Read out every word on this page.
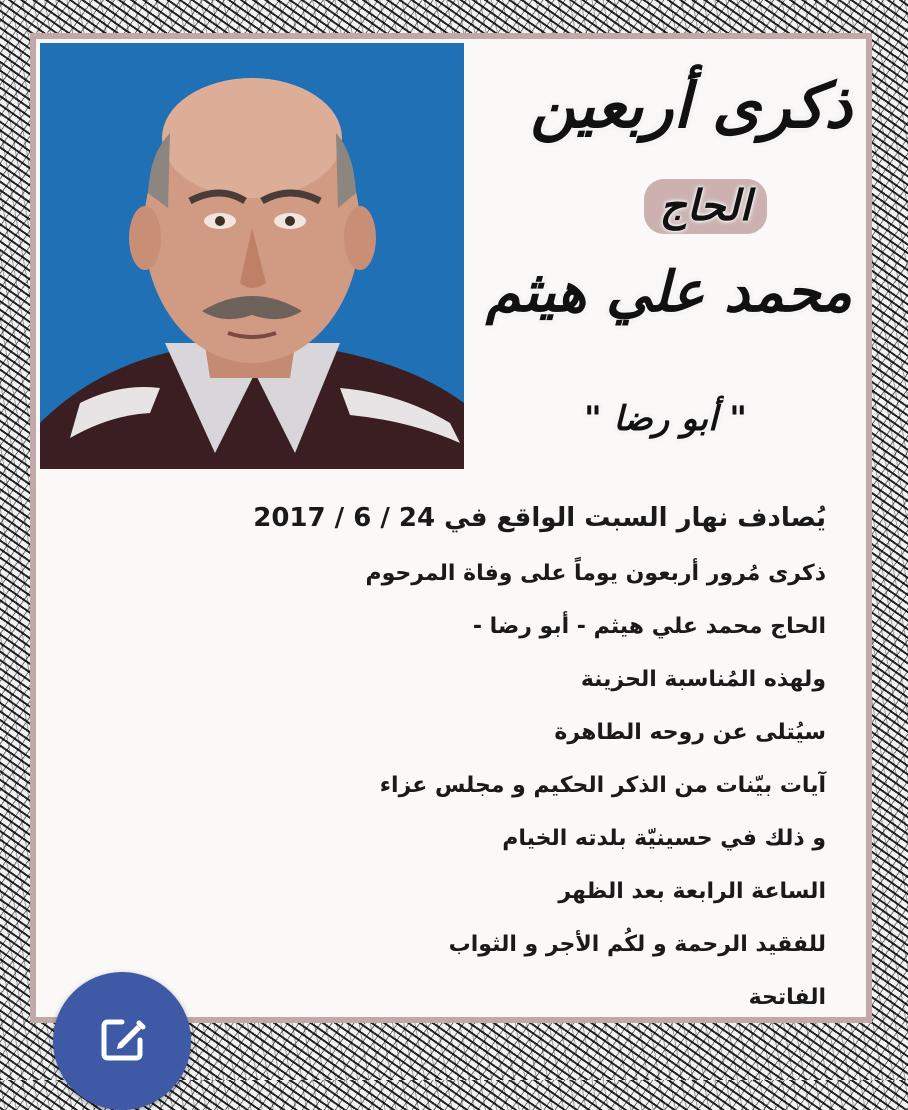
ذكرى أربعين

الحاج

محمد علي هيثم

" أبو رضا "

يُصادف نهار السبت الواقع في 24 / 6 / 2017

ذكرى مُرور أربعون يوماً على وفاة المرحوم

الحاج محمد علي هيثم - أبو رضا -

ولهذه المُناسبة الحزينة

سيُتلى عن روحه الطاهرة

آيات بيّنات من الذكر الحكيم و مجلس عزاء

و ذلك في حسينيّة بلدته الخيام

الساعة الرابعة بعد الظهر

للفقيد الرحمة و لكُم الأجر و الثواب

الفاتحة
